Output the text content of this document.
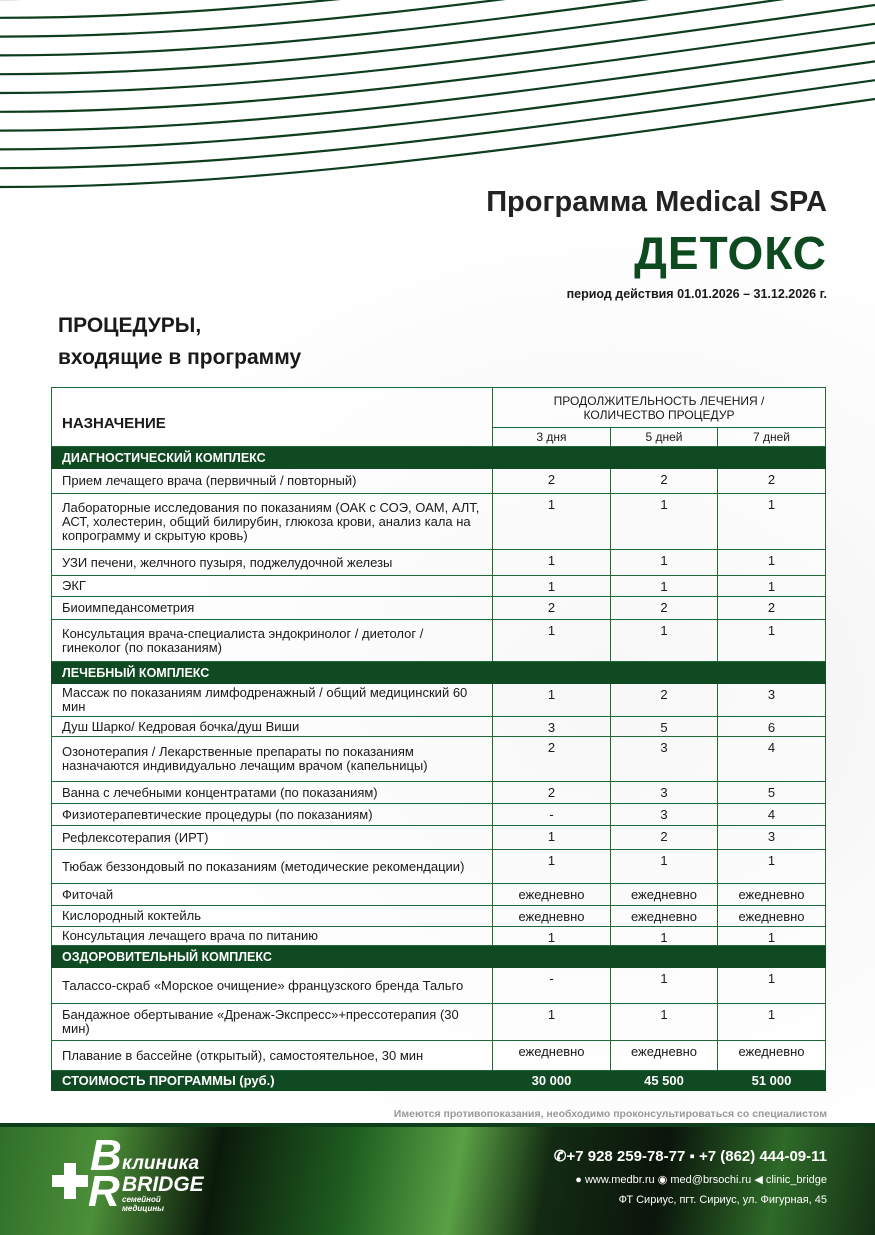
Программа Medical SPA
ДЕТОКС
период действия 01.01.2026 – 31.12.2026 г.
ПРОЦЕДУРЫ,
входящие в программу
НАЗНАЧЕНИЕ	ПРОДОЛЖИТЕЛЬНОСТЬ ЛЕЧЕНИЯ / КОЛИЧЕСТВО ПРОЦЕДУР		
	3 дня	5 дней	7 дней
ДИАГНОСТИЧЕСКИЙ КОМПЛЕКС			
Прием лечащего врача (первичный / повторный)	2	2	2
Лабораторные исследования по показаниям (ОАК с СОЭ, ОАМ, АЛТ, АСТ, холестерин, общий билирубин, глюкоза крови, анализ кала на копрограмму и скрытую кровь)	1	1	1
УЗИ печени, желчного пузыря, поджелудочной железы	1	1	1
ЭКГ	1	1	1
Биоимпедансометрия	2	2	2
Консультация врача-специалиста эндокринолог / диетолог / гинеколог (по показаниям)	1	1	1
ЛЕЧЕБНЫЙ КОМПЛЕКС			
Массаж по показаниям лимфодренажный / общий медицинский 60 мин	1	2	3
Душ Шарко/ Кедровая бочка/душ Виши	3	5	6
Озонотерапия / Лекарственные препараты по показаниям назначаются индивидуально лечащим врачом (капельницы)	2	3	4
Ванна с лечебными концентратами (по показаниям)	2	3	5
Физиотерапевтические процедуры (по показаниям)	-	3	4
Рефлексотерапия (ИРТ)	1	2	3
Тюбаж беззондовый по показаниям (методические рекомендации)	1	1	1
Фиточай	ежедневно	ежедневно	ежедневно
Кислородный коктейль	ежедневно	ежедневно	ежедневно
Консультация лечащего врача по питанию	1	1	1
ОЗДОРОВИТЕЛЬНЫЙ КОМПЛЕКС			
Талассо-скраб «Морское очищение» французского бренда Тальго	-	1	1
Бандажное обертывание «Дренаж-Экспресс»+прессотерапия (30 мин)	1	1	1
Плавание в бассейне (открытый), самостоятельное, 30 мин	ежедневно	ежедневно	ежедневно
СТОИМОСТЬ ПРОГРАММЫ (руб.)	30 000	45 500	51 000
Имеются противопоказания, необходимо проконсультироваться со специалистом
B
R
клиника
BRIDGE
семейной медицины
✆+7 928 259-78-77 ▪ +7 (862) 444-09-11
● www.medbr.ru ◉ med@brsochi.ru ◀ clinic_bridge
ФТ Сириус, пгт. Сириус, ул. Фигурная, 45
